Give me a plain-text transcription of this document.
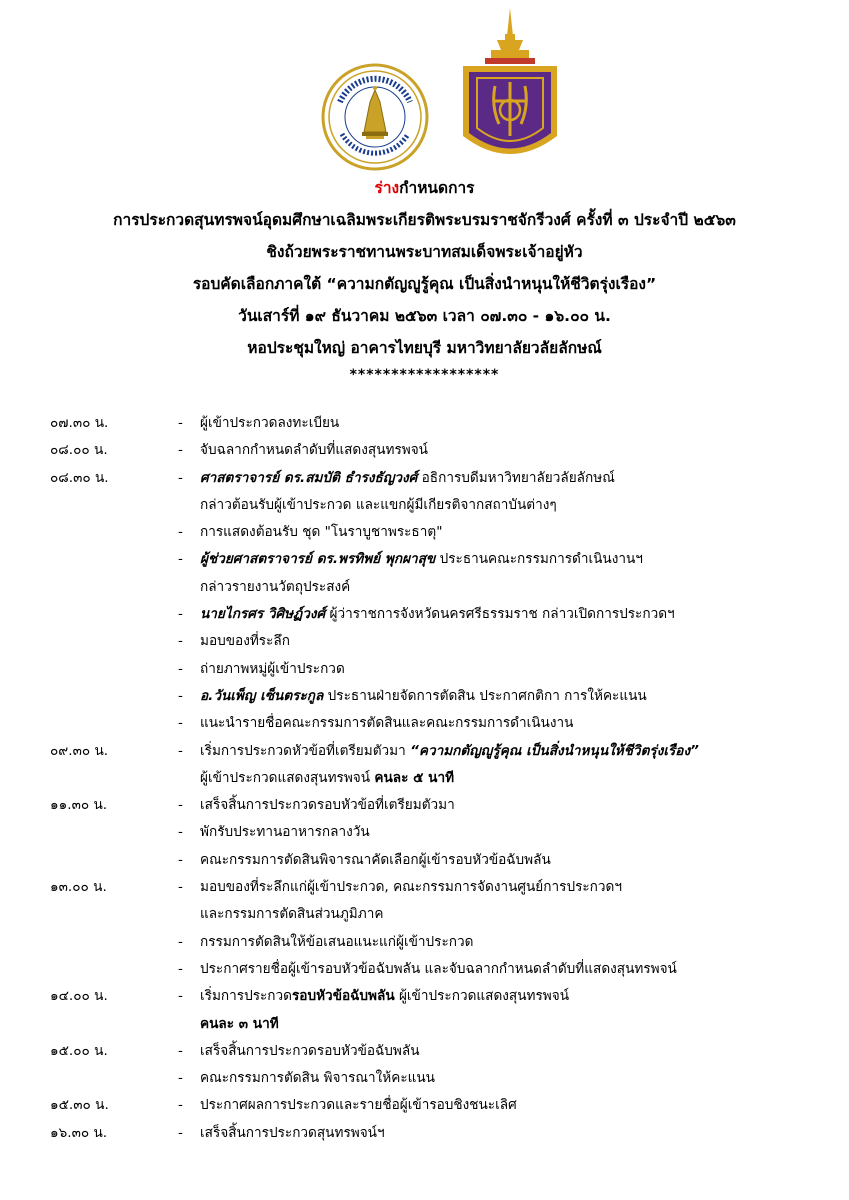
ร่างกำหนดการ
การประกวดสุนทรพจน์อุดมศึกษาเฉลิมพระเกียรติพระบรมราชจักรีวงศ์ ครั้งที่ ๓ ประจำปี ๒๕๖๓
ชิงถ้วยพระราชทานพระบาทสมเด็จพระเจ้าอยู่หัว
รอบคัดเลือกภาคใต้ “ความกตัญญูรู้คุณ เป็นสิ่งนำหนุนให้ชีวิตรุ่งเรือง”
วันเสาร์ที่ ๑๙ ธันวาคม ๒๕๖๓ เวลา ๐๗.๓๐ - ๑๖.๐๐ น.
หอประชุมใหญ่ อาคารไทยบุรี มหาวิทยาลัยวลัยลักษณ์
******************
๐๗.๓๐ น.	- ผู้เข้าประกวดลงทะเบียน
๐๘.๐๐ น.	- จับฉลากกำหนดลำดับที่แสดงสุนทรพจน์
๐๘.๓๐ น.	- ศาสตราจารย์ ดร.สมบัติ ธำรงธัญวงศ์ อธิการบดีมหาวิทยาลัยวลัยลักษณ์
กล่าวต้อนรับผู้เข้าประกวด และแขกผู้มีเกียรติจากสถาบันต่างๆ
- การแสดงต้อนรับ ชุด "โนราบูชาพระธาตุ"
- ผู้ช่วยศาสตราจารย์ ดร.พรทิพย์ พุกผาสุข ประธานคณะกรรมการดำเนินงานฯ
กล่าวรายงานวัตถุประสงค์
- นายไกรศร วิศิษฏ์วงศ์ ผู้ว่าราชการจังหวัดนครศรีธรรมราช กล่าวเปิดการประกวดฯ
- มอบของที่ระลึก
- ถ่ายภาพหมู่ผู้เข้าประกวด
- อ.วันเพ็ญ เซ็นตระกูล ประธานฝ่ายจัดการตัดสิน ประกาศกติกา การให้คะแนน
- แนะนำรายชื่อคณะกรรมการตัดสินและคณะกรรมการดำเนินงาน
๐๙.๓๐ น.	- เริ่มการประกวดหัวข้อที่เตรียมตัวมา “ความกตัญญูรู้คุณ เป็นสิ่งนำหนุนให้ชีวิตรุ่งเรือง”
ผู้เข้าประกวดแสดงสุนทรพจน์ คนละ ๕ นาที
๑๑.๓๐ น.	- เสร็จสิ้นการประกวดรอบหัวข้อที่เตรียมตัวมา
- พักรับประทานอาหารกลางวัน
- คณะกรรมการตัดสินพิจารณาคัดเลือกผู้เข้ารอบหัวข้อฉับพลัน
๑๓.๐๐ น.	- มอบของที่ระลึกแก่ผู้เข้าประกวด, คณะกรรมการจัดงานศูนย์การประกวดฯ
และกรรมการตัดสินส่วนภูมิภาค
- กรรมการตัดสินให้ข้อเสนอแนะแก่ผู้เข้าประกวด
- ประกาศรายชื่อผู้เข้ารอบหัวข้อฉับพลัน และจับฉลากกำหนดลำดับที่แสดงสุนทรพจน์
๑๔.๐๐ น.	- เริ่มการประกวดรอบหัวข้อฉับพลัน ผู้เข้าประกวดแสดงสุนทรพจน์
คนละ ๓ นาที
๑๕.๐๐ น.	- เสร็จสิ้นการประกวดรอบหัวข้อฉับพลัน
- คณะกรรมการตัดสิน พิจารณาให้คะแนน
๑๕.๓๐ น.	- ประกาศผลการประกวดและรายชื่อผู้เข้ารอบชิงชนะเลิศ
๑๖.๓๐ น.	- เสร็จสิ้นการประกวดสุนทรพจน์ฯ
